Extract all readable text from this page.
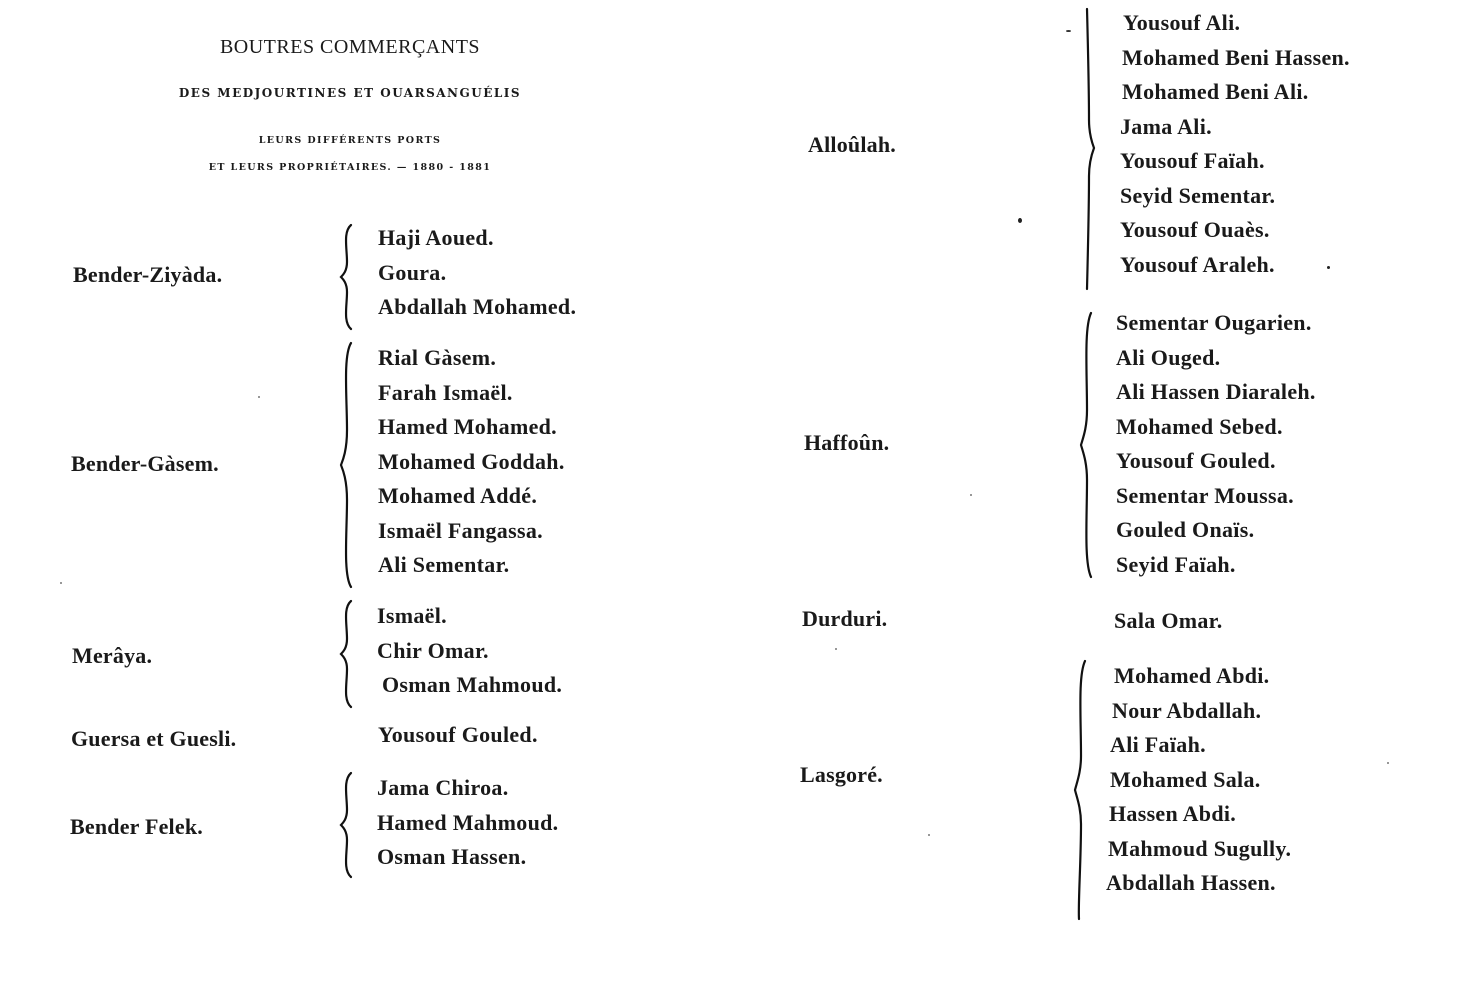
BOUTRES COMMERÇANTS
DES MEDJOURTINES ET OUARSANGUÉLIS
LEURS DIFFÉRENTS PORTS
ET LEURS PROPRIÉTAIRES. — 1880 - 1881
Bender-Ziyàda.
Haji Aoued.
Goura.
Abdallah Mohamed.
Bender-Gàsem.
Rial Gàsem.
Farah Ismaël.
Hamed Mohamed.
Mohamed Goddah.
Mohamed Addé.
Ismaël Fangassa.
Ali Sementar.
Merâya.
Ismaël.
Chir Omar.
Osman Mahmoud.
Guersa et Guesli.	Yousouf Gouled.
Bender Felek.
Jama Chiroa.
Hamed Mahmoud.
Osman Hassen.
Alloûlah.
Yousouf Ali.
Mohamed Beni Hassen.
Mohamed Beni Ali.
Jama Ali.
Yousouf Faïah.
Seyid Sementar.
Yousouf Ouaès.
Yousouf Araleh.
Haffoûn.
Sementar Ougarien.
Ali Ouged.
Ali Hassen Diaraleh.
Mohamed Sebed.
Yousouf Gouled.
Sementar Moussa.
Gouled Onaïs.
Seyid Faïah.
Durduri.	Sala Omar.
Lasgoré.
Mohamed Abdi.
Nour Abdallah.
Ali Faïah.
Mohamed Sala.
Hassen Abdi.
Mahmoud Sugully.
Abdallah Hassen.
